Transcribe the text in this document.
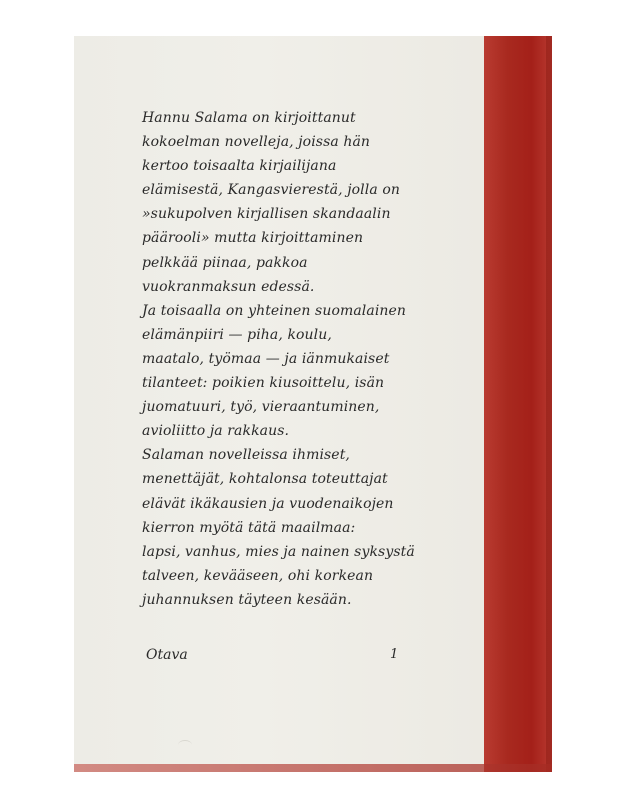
Hannu Salama on kirjoittanut
kokoelman novelleja, joissa hän
kertoo toisaalta kirjailijana
elämisestä, Kangasvierestä, jolla on
»sukupolven kirjallisen skandaalin
päärooli» mutta kirjoittaminen
pelkkää piinaa, pakkoa
vuokranmaksun edessä.
Ja toisaalla on yhteinen suomalainen
elämänpiiri — piha, koulu,
maatalo, työmaa — ja iänmukaiset
tilanteet: poikien kiusoittelu, isän
juomatuuri, työ, vieraantuminen,
avioliitto ja rakkaus.
Salaman novelleissa ihmiset,
menettäjät, kohtalonsa toteuttajat
elävät ikäkausien ja vuodenaikojen
kierron myötä tätä maailmaa:
lapsi, vanhus, mies ja nainen syksystä
talveen, kevääseen, ohi korkean
juhannuksen täyteen kesään.
Otava	1
